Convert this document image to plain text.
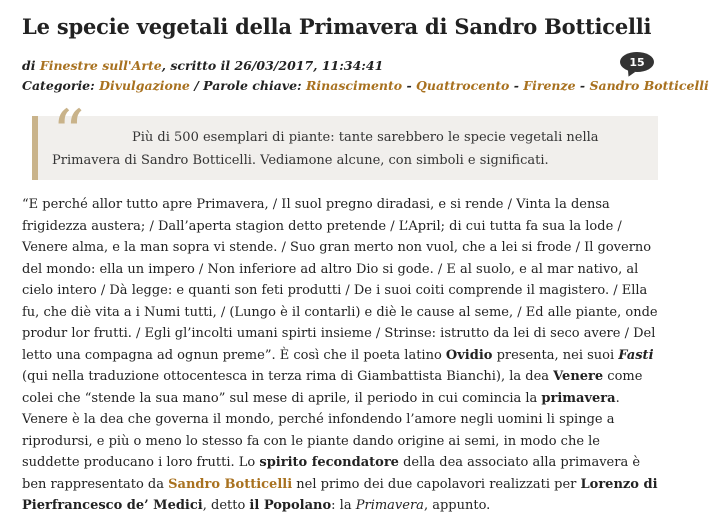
Le specie vegetali della Primavera di Sandro Botticelli
di Finestre sull'Arte, scritto il 26/03/2017, 11:34:41
Categorie: Divulgazione / Parole chiave: Rinascimento - Quattrocento - Firenze - Sandro Botticelli
15
“	Più di 500 esemplari di piante: tante sarebbero le specie vegetali nella Primavera di Sandro Botticelli. Vediamone alcune, con simboli e significati.
“E perché allor tutto apre Primavera, / Il suol pregno diradasi, e si rende / Vinta la densa frigidezza austera; / Dall’aperta stagion detto pretende / L’April; di cui tutta fa sua la lode / Venere alma, e la man sopra vi stende. / Suo gran merto non vuol, che a lei si frode / Il governo del mondo: ella un impero / Non inferiore ad altro Dio si gode. / E al suolo, e al mar nativo, al cielo intero / Dà legge: e quanti son feti produtti / De i suoi coiti comprende il magistero. / Ella fu, che diè vita a i Numi tutti, / (Lungo è il contarli) e diè le cause al seme, / Ed alle piante, onde produr lor frutti. / Egli gl’incolti umani spirti insieme / Strinse: istrutto da lei di seco avere / Del letto una compagna ad ognun preme”. È così che il poeta latino Ovidio presenta, nei suoi Fasti (qui nella traduzione ottocentesca in terza rima di Giambattista Bianchi), la dea Venere come colei che “stende la sua mano” sul mese di aprile, il periodo in cui comincia la primavera. Venere è la dea che governa il mondo, perché infondendo l’amore negli uomini li spinge a riprodursi, e più o meno lo stesso fa con le piante dando origine ai semi, in modo che le suddette producano i loro frutti. Lo spirito fecondatore della dea associato alla primavera è ben rappresentato da Sandro Botticelli nel primo dei due capolavori realizzati per Lorenzo di Pierfrancesco de’ Medici, detto il Popolano: la Primavera, appunto.
